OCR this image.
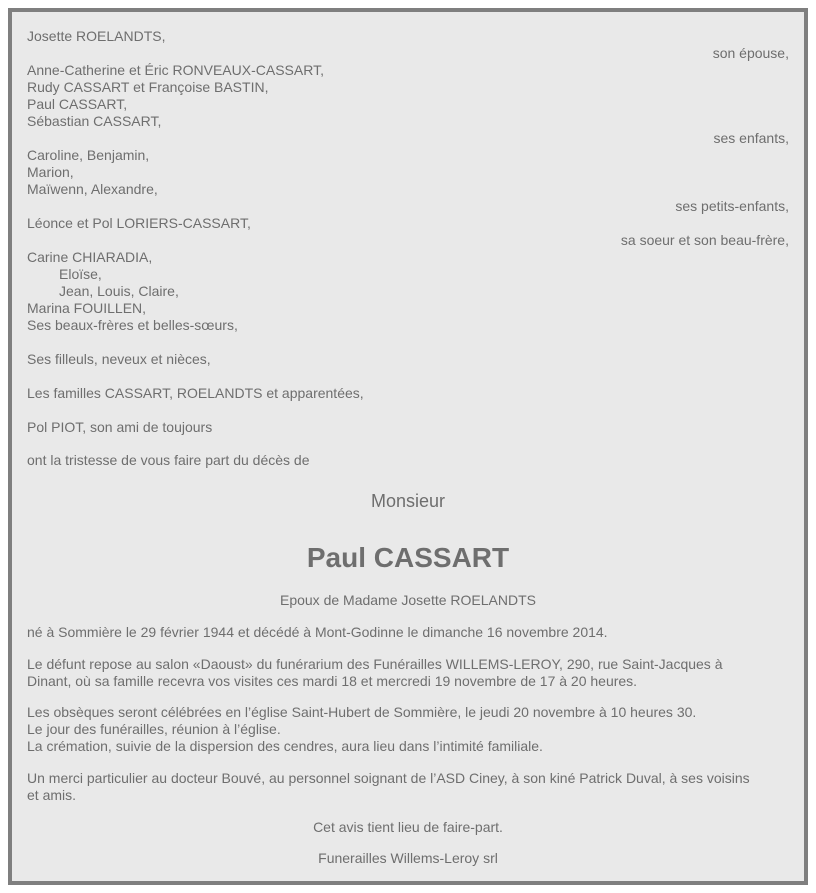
Josette ROELANDTS,
son épouse,
Anne-Catherine et Éric RONVEAUX-CASSART,
Rudy CASSART et Françoise BASTIN,
Paul CASSART,
Sébastian CASSART,
ses enfants,
Caroline, Benjamin,
Marion,
Maïwenn, Alexandre,
ses petits-enfants,
Léonce et Pol LORIERS-CASSART,
sa soeur et son beau-frère,
Carine CHIARADIA,
Eloïse,
Jean, Louis, Claire,
Marina FOUILLEN,
Ses beaux-frères et belles-sœurs,
Ses filleuls, neveux et nièces,
Les familles CASSART, ROELANDTS et apparentées,
Pol PIOT, son ami de toujours
ont la tristesse de vous faire part du décès de
Monsieur
Paul CASSART
Epoux de Madame Josette ROELANDTS
né à Sommière le 29 février 1944 et décédé à Mont-Godinne le dimanche 16 novembre 2014.
Le défunt repose au salon «Daoust» du funérarium des Funérailles WILLEMS-LEROY, 290, rue Saint-Jacques à
Dinant, où sa famille recevra vos visites ces mardi 18 et mercredi 19 novembre de 17 à 20 heures.
Les obsèques seront célébrées en l’église Saint-Hubert de Sommière, le jeudi 20 novembre à 10 heures 30.
Le jour des funérailles, réunion à l’église.
La crémation, suivie de la dispersion des cendres, aura lieu dans l’intimité familiale.
Un merci particulier au docteur Bouvé, au personnel soignant de l’ASD Ciney, à son kiné Patrick Duval, à ses voisins
et amis.
Cet avis tient lieu de faire-part.
Funerailles Willems-Leroy srl
